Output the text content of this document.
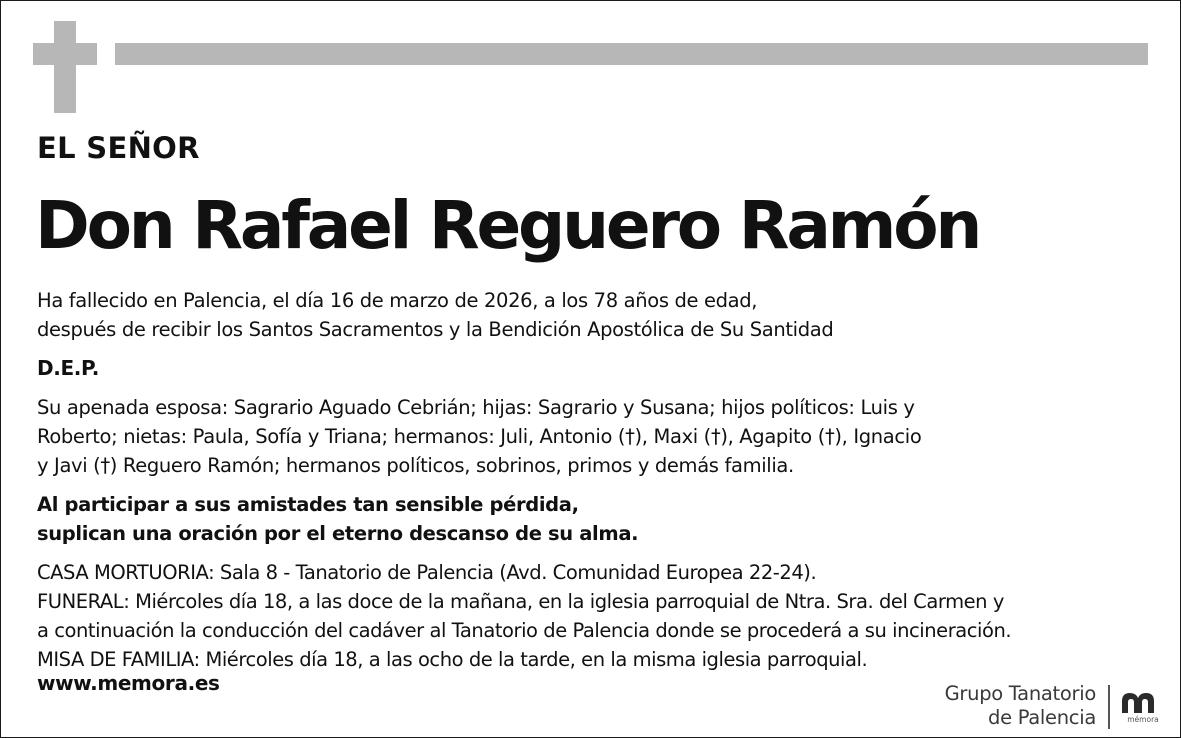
EL SEÑOR
Don Rafael Reguero Ramón
Ha fallecido en Palencia, el día 16 de marzo de 2026, a los 78 años de edad,
después de recibir los Santos Sacramentos y la Bendición Apostólica de Su Santidad
D.E.P.
Su apenada esposa: Sagrario Aguado Cebrián; hijas: Sagrario y Susana; hijos políticos: Luis y
Roberto; nietas: Paula, Sofía y Triana; hermanos: Juli, Antonio (†), Maxi (†), Agapito (†), Ignacio
y Javi (†) Reguero Ramón; hermanos políticos, sobrinos, primos y demás familia.
Al participar a sus amistades tan sensible pérdida,
suplican una oración por el eterno descanso de su alma.
CASA MORTUORIA: Sala 8 - Tanatorio de Palencia (Avd. Comunidad Europea 22-24).
FUNERAL: Miércoles día 18, a las doce de la mañana, en la iglesia parroquial de Ntra. Sra. del Carmen y
a continuación la conducción del cadáver al Tanatorio de Palencia donde se procederá a su incineración.
MISA DE FAMILIA: Miércoles día 18, a las ocho de la tarde, en la misma iglesia parroquial.
www.memora.es	Grupo Tanatorio
de Palencia	mémora
